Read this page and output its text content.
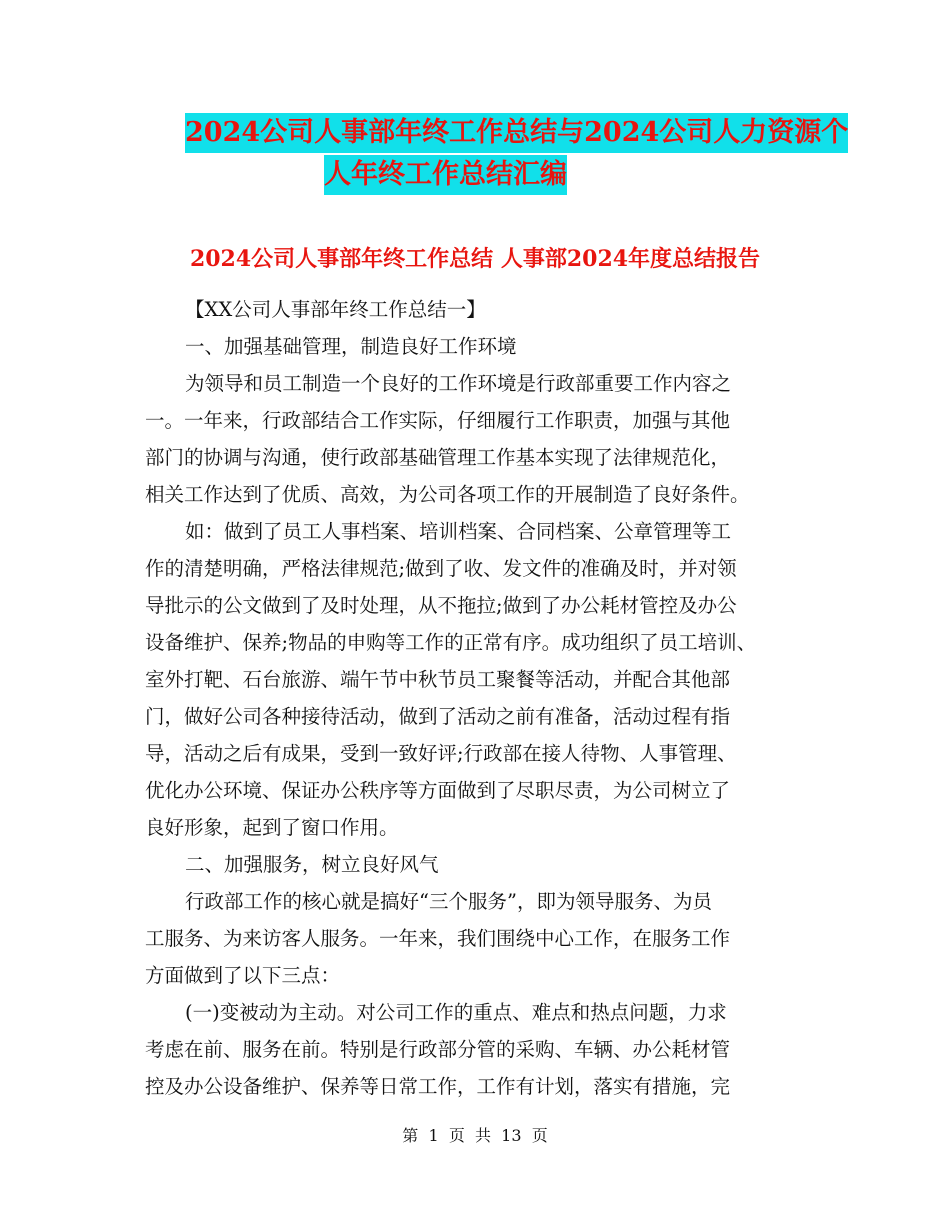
2024公司人事部年终工作总结与2024公司人力资源个
人年终工作总结汇编
2024公司人事部年终工作总结 人事部2024年度总结报告
【XX公司人事部年终工作总结一】
一、加强基础管理，制造良好工作环境
为领导和员工制造一个良好的工作环境是行政部重要工作内容之
一。一年来，行政部结合工作实际，仔细履行工作职责，加强与其他
部门的协调与沟通，使行政部基础管理工作基本实现了法律规范化，
相关工作达到了优质、高效，为公司各项工作的开展制造了良好条件。
如：做到了员工人事档案、培训档案、合同档案、公章管理等工
作的清楚明确，严格法律规范;做到了收、发文件的准确及时，并对领
导批示的公文做到了及时处理，从不拖拉;做到了办公耗材管控及办公
设备维护、保养;物品的申购等工作的正常有序。成功组织了员工培训、
室外打靶、石台旅游、端午节中秋节员工聚餐等活动，并配合其他部
门，做好公司各种接待活动，做到了活动之前有准备，活动过程有指
导，活动之后有成果，受到一致好评;行政部在接人待物、人事管理、
优化办公环境、保证办公秩序等方面做到了尽职尽责，为公司树立了
良好形象，起到了窗口作用。
二、加强服务，树立良好风气
行政部工作的核心就是搞好“三个服务”，即为领导服务、为员
工服务、为来访客人服务。一年来，我们围绕中心工作，在服务工作
方面做到了以下三点：
(一)变被动为主动。对公司工作的重点、难点和热点问题，力求
考虑在前、服务在前。特别是行政部分管的采购、车辆、办公耗材管
控及办公设备维护、保养等日常工作，工作有计划，落实有措施，完
第  1  页  共  13  页
